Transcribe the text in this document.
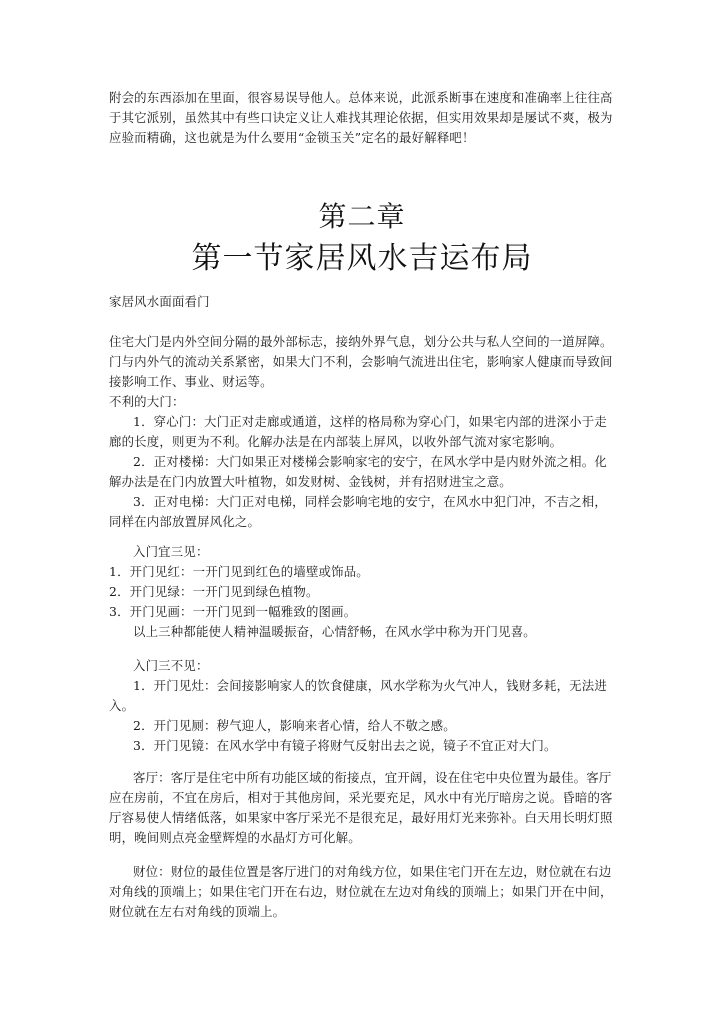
附会的东西添加在里面，很容易误导他人。总体来说，此派系断事在速度和准确率上往往高

于其它派别，虽然其中有些口诀定义让人难找其理论依据，但实用效果却是屡试不爽，极为

应验而精确，这也就是为什么要用“金锁玉关”定名的最好解释吧！

第二章
第一节家居风水吉运布局

家居风水面面看门

住宅大门是内外空间分隔的最外部标志，接纳外界气息，划分公共与私人空间的一道屏障。

门与内外气的流动关系紧密，如果大门不利，会影响气流进出住宅，影响家人健康而导致间

接影响工作、事业、财运等。

不利的大门：

1．穿心门：大门正对走廊或通道，这样的格局称为穿心门，如果宅内部的进深小于走

廊的长度，则更为不利。化解办法是在内部装上屏风，以收外部气流对家宅影响。

2．正对楼梯：大门如果正对楼梯会影响家宅的安宁，在风水学中是内财外流之相。化

解办法是在门内放置大叶植物，如发财树、金钱树，并有招财进宝之意。

3．正对电梯：大门正对电梯，同样会影响宅地的安宁，在风水中犯门冲，不吉之相，

同样在内部放置屏风化之。

入门宜三见：

1．开门见红：一开门见到红色的墙壁或饰品。

2．开门见绿：一开门见到绿色植物。

3．开门见画：一开门见到一幅雅致的图画。

以上三种都能使人精神温暖振奋，心情舒畅，在风水学中称为开门见喜。

入门三不见：

1．开门见灶：会间接影响家人的饮食健康，风水学称为火气冲人，钱财多耗，无法进

入。

2．开门见厕：秽气迎人，影响来者心情，给人不敬之感。

3．开门见镜：在风水学中有镜子将财气反射出去之说，镜子不宜正对大门。

客厅：客厅是住宅中所有功能区域的衔接点，宜开阔，设在住宅中央位置为最佳。客厅

应在房前，不宜在房后，相对于其他房间，采光要充足，风水中有光厅暗房之说。昏暗的客

厅容易使人情绪低落，如果家中客厅采光不是很充足，最好用灯光来弥补。白天用长明灯照

明，晚间则点亮金壁辉煌的水晶灯方可化解。

财位：财位的最佳位置是客厅进门的对角线方位，如果住宅门开在左边，财位就在右边

对角线的顶端上；如果住宅门开在右边，财位就在左边对角线的顶端上；如果门开在中间，

财位就在左右对角线的顶端上。
